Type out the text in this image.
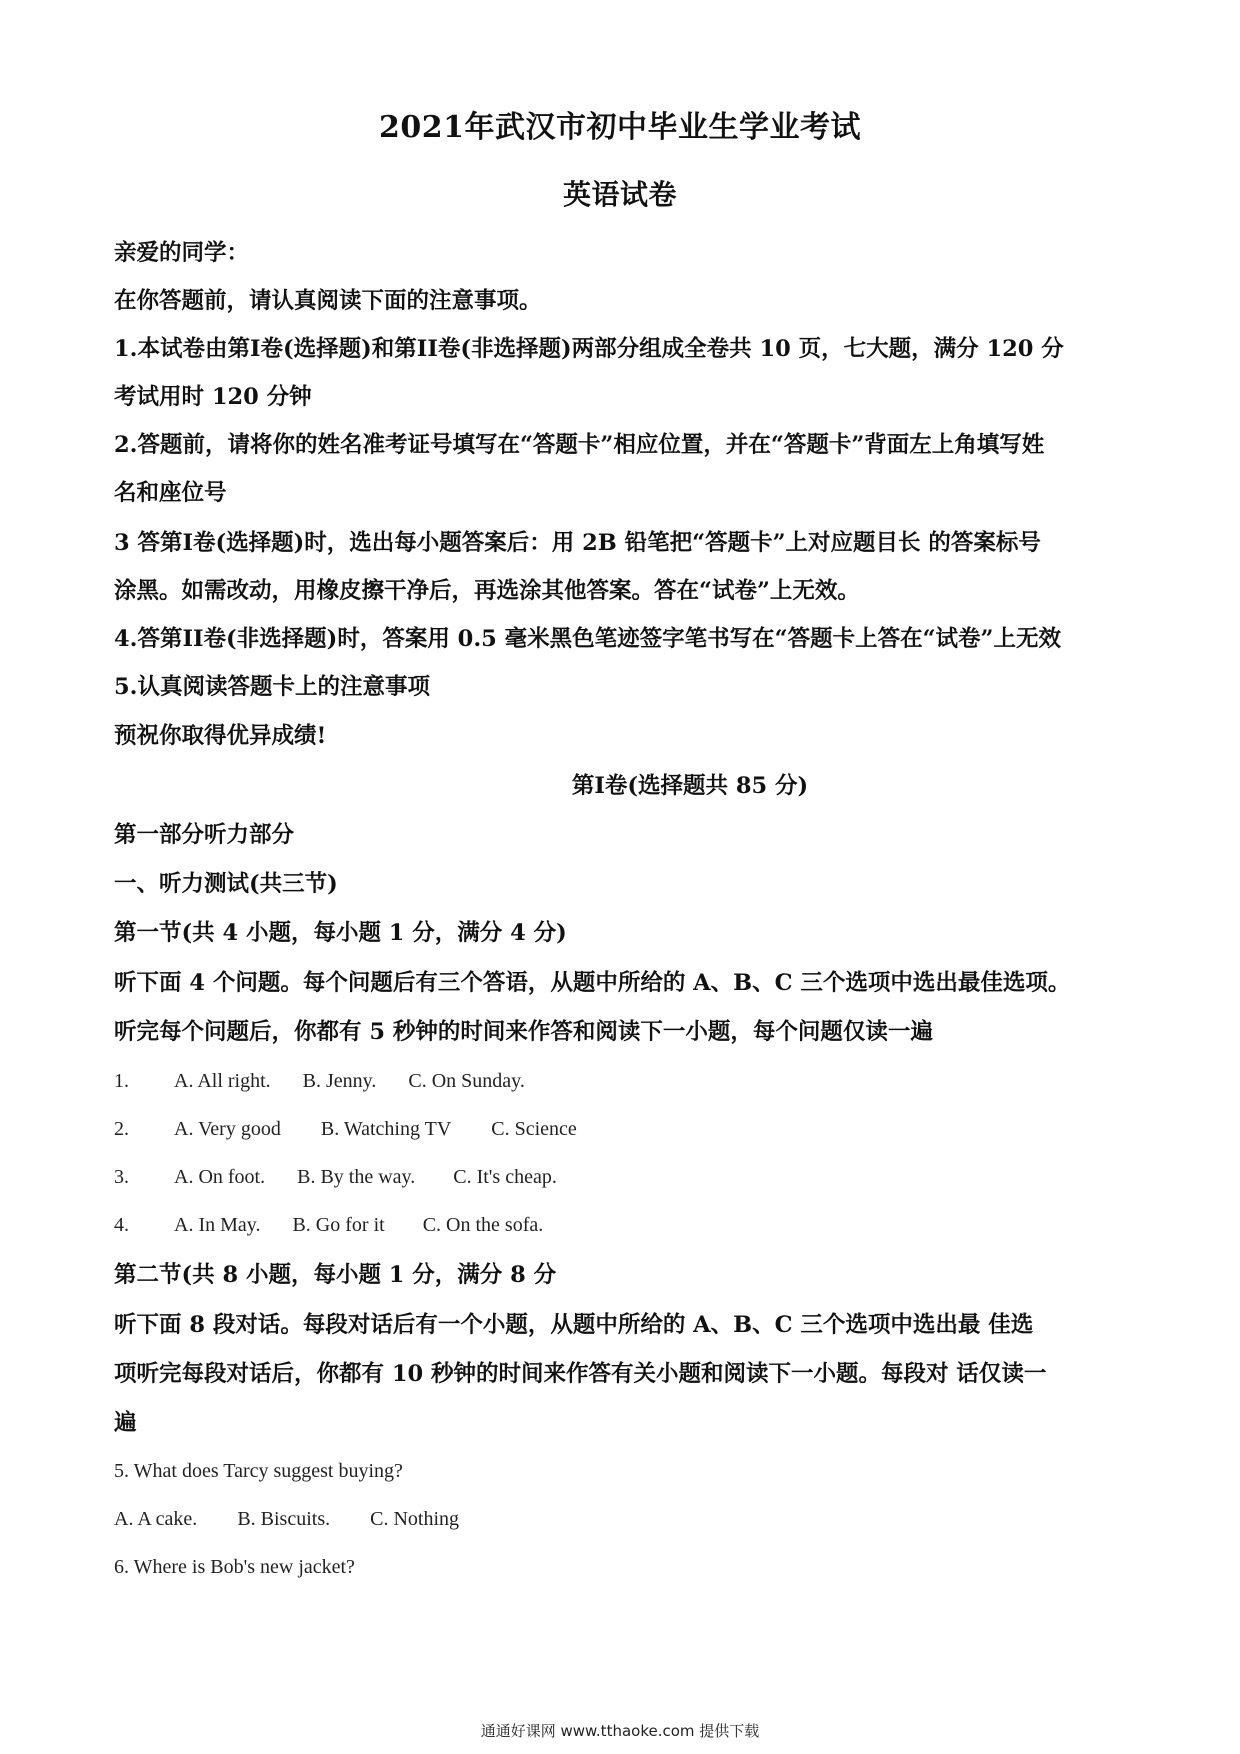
2021年武汉市初中毕业生学业考试
英语试卷
亲爱的同学：
在你答题前，请认真阅读下面的注意事项。
1.本试卷由第Ⅰ卷(选择题)和第II卷(非选择题)两部分组成全卷共 10 页，七大题，满分 120 分
考试用时 120 分钟
2.答题前，请将你的姓名准考证号填写在“答题卡”相应位置，并在“答题卡”背面左上角填写姓
名和座位号
3 答第Ⅰ卷(选择题)时，选出每小题答案后：用 2B 铅笔把“答题卡”上对应题目长 的答案标号
涂黑。如需改动，用橡皮擦干净后，再选涂其他答案。答在“试卷”上无效。
4.答第II卷(非选择题)时，答案用 0.5 毫米黑色笔迹签字笔书写在“答题卡上答在“试卷”上无效
5.认真阅读答题卡上的注意事项
预祝你取得优异成绩!
第Ⅰ卷(选择题共 85 分)
第一部分听力部分
一、听力测试(共三节)
第一节(共 4 小题，每小题 1 分，满分 4 分)
听下面 4 个问题。每个问题后有三个答语，从题中所给的 A、B、C 三个选项中选出最佳选项。
听完每个问题后，你都有 5 秒钟的时间来作答和阅读下一小题，每个问题仅读一遍
1. A. All right. B. Jenny. C. On Sunday.
2. A. Very good B. Watching TV C. Science
3. A. On foot. B. By the way. C. It's cheap.
4. A. In May. B. Go for it C. On the sofa.
第二节(共 8 小题，每小题 1 分，满分 8 分
听下面 8 段对话。每段对话后有一个小题，从题中所给的 A、B、C 三个选项中选出最 佳选
项听完每段对话后，你都有 10 秒钟的时间来作答有关小题和阅读下一小题。每段对 话仅读一
遍
5. What does Tarcy suggest buying?
A. A cake. B. Biscuits. C. Nothing
6. Where is Bob's new jacket?
通通好课网 www.tthaoke.com 提供下载
